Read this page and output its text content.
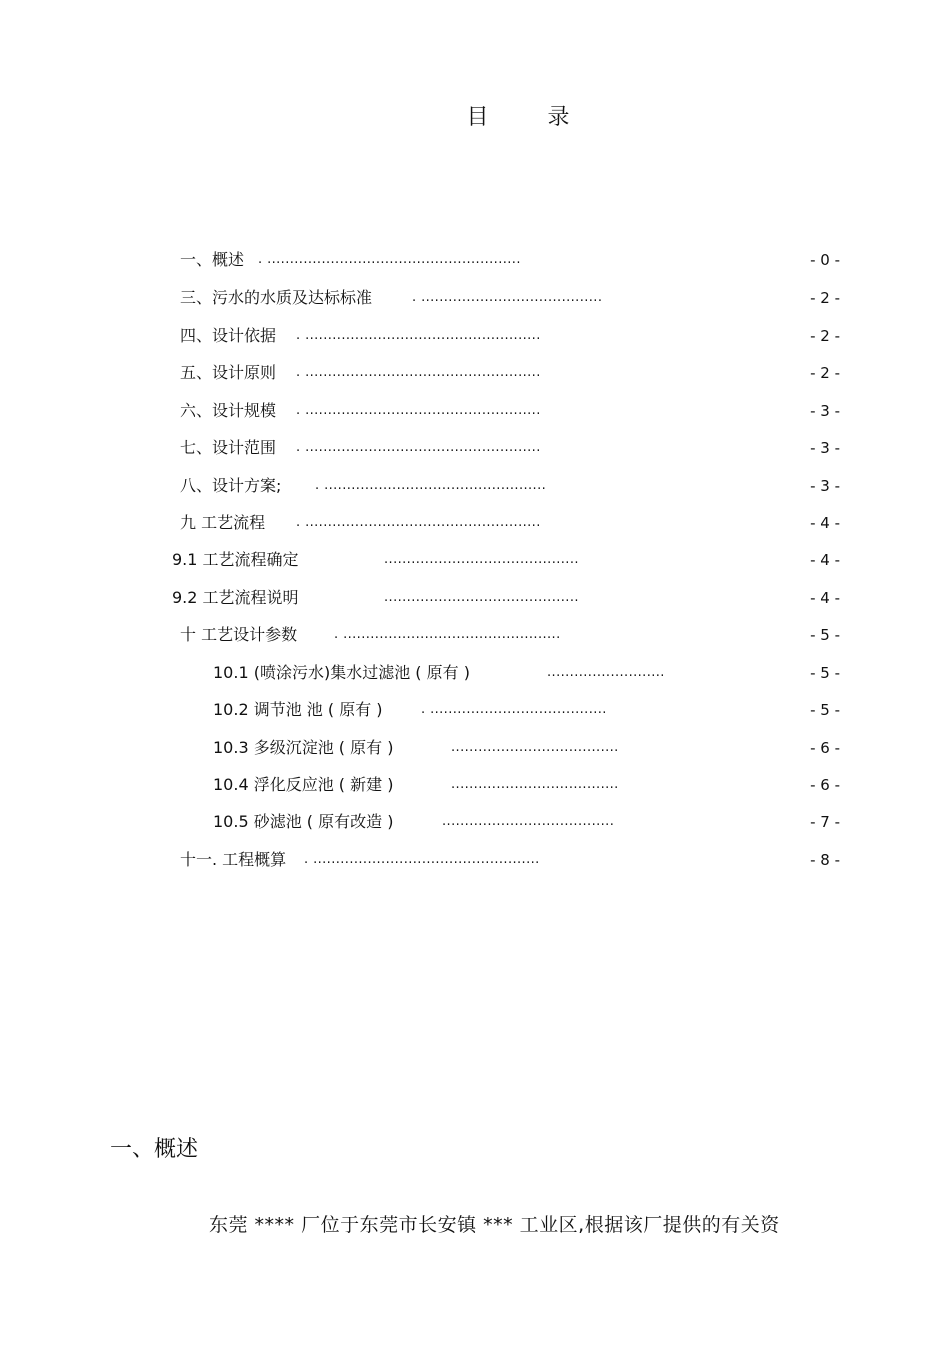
目 录
一、概述 . ........................................................	- 0 -
三、污水的水质及达标标准	. ........................................	- 2 -
四、设计依据 . ....................................................	- 2 -
五、设计原则 . ....................................................	- 2 -
六、设计规模 . ....................................................	- 3 -
七、设计范围 . ....................................................	- 3 -
八、设计方案;	. .................................................	- 3 -
九 工艺流程 . ....................................................	- 4 -
9.1 工艺流程确定	...........................................	- 4 -
9.2 工艺流程说明	...........................................	- 4 -
十 工艺设计参数	. ................................................	- 5 -
10.1 (喷涂污水)集水过滤池 ( 原有 )	..........................	- 5 -
10.2 调节池 池 ( 原有 )	. .......................................	- 5 -
10.3 多级沉淀池 ( 原有 )	.....................................	- 6 -
10.4 浮化反应池 ( 新建 )	.....................................	- 6 -
10.5 砂滤池 ( 原有改造 )	......................................	- 7 -
十一. 工程概算 . ..................................................	- 8 -
一、概述

东莞 **** 厂位于东莞市长安镇 *** 工业区,根据该厂提供的有关资
